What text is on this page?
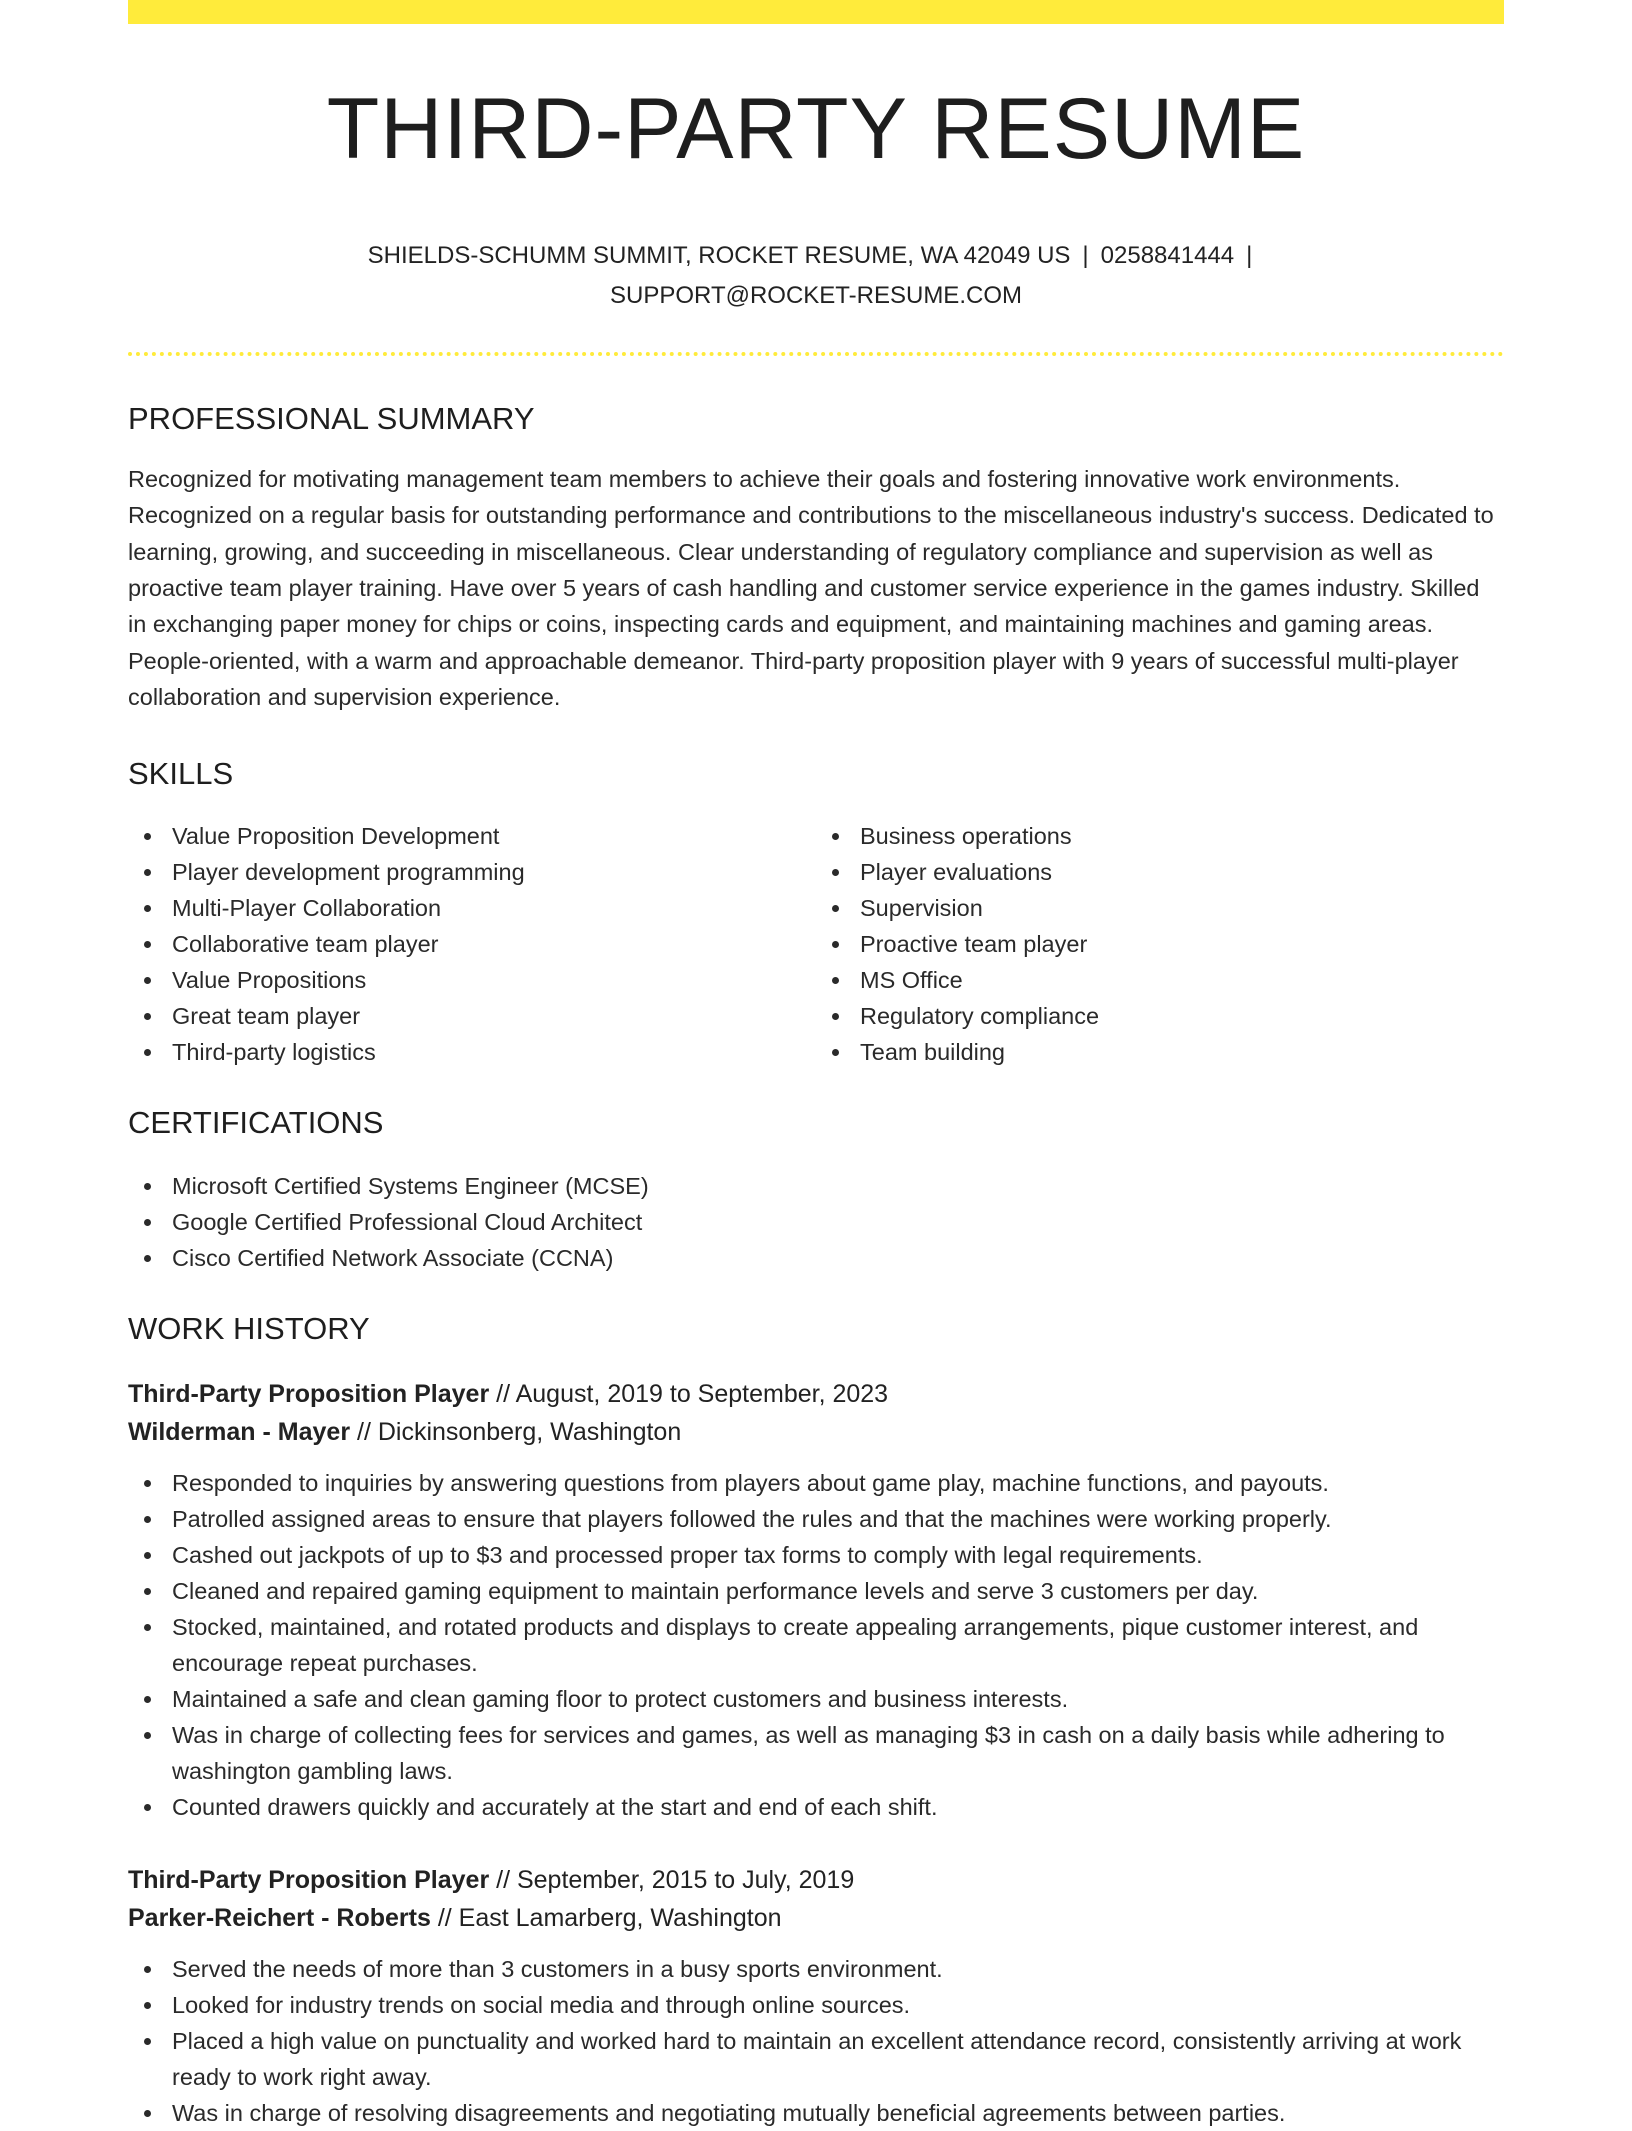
THIRD-PARTY RESUME
SHIELDS-SCHUMM SUMMIT, ROCKET RESUME, WA 42049 US | 0258841444 |
SUPPORT@ROCKET-RESUME.COM
PROFESSIONAL SUMMARY

Recognized for motivating management team members to achieve their goals and fostering innovative work environments. Recognized on a regular basis for outstanding performance and contributions to the miscellaneous industry's success. Dedicated to learning, growing, and succeeding in miscellaneous. Clear understanding of regulatory compliance and supervision as well as proactive team player training. Have over 5 years of cash handling and customer service experience in the games industry. Skilled in exchanging paper money for chips or coins, inspecting cards and equipment, and maintaining machines and gaming areas. People-oriented, with a warm and approachable demeanor. Third-party proposition player with 9 years of successful multi-player collaboration and supervision experience.

SKILLS
Value Proposition Development
Player development programming
Multi-Player Collaboration
Collaborative team player
Value Propositions
Great team player
Third-party logistics
Business operations
Player evaluations
Supervision
Proactive team player
MS Office
Regulatory compliance
Team building
CERTIFICATIONS
Microsoft Certified Systems Engineer (MCSE)
Google Certified Professional Cloud Architect
Cisco Certified Network Associate (CCNA)
WORK HISTORY
Third-Party Proposition Player // August, 2019 to September, 2023
Wilderman - Mayer // Dickinsonberg, Washington
Responded to inquiries by answering questions from players about game play, machine functions, and payouts.
Patrolled assigned areas to ensure that players followed the rules and that the machines were working properly.
Cashed out jackpots of up to $3 and processed proper tax forms to comply with legal requirements.
Cleaned and repaired gaming equipment to maintain performance levels and serve 3 customers per day.
Stocked, maintained, and rotated products and displays to create appealing arrangements, pique customer interest, and encourage repeat purchases.
Maintained a safe and clean gaming floor to protect customers and business interests.
Was in charge of collecting fees for services and games, as well as managing $3 in cash on a daily basis while adhering to washington gambling laws.
Counted drawers quickly and accurately at the start and end of each shift.
Third-Party Proposition Player // September, 2015 to July, 2019
Parker-Reichert - Roberts // East Lamarberg, Washington
Served the needs of more than 3 customers in a busy sports environment.
Looked for industry trends on social media and through online sources.
Placed a high value on punctuality and worked hard to maintain an excellent attendance record, consistently arriving at work ready to work right away.
Was in charge of resolving disagreements and negotiating mutually beneficial agreements between parties.
